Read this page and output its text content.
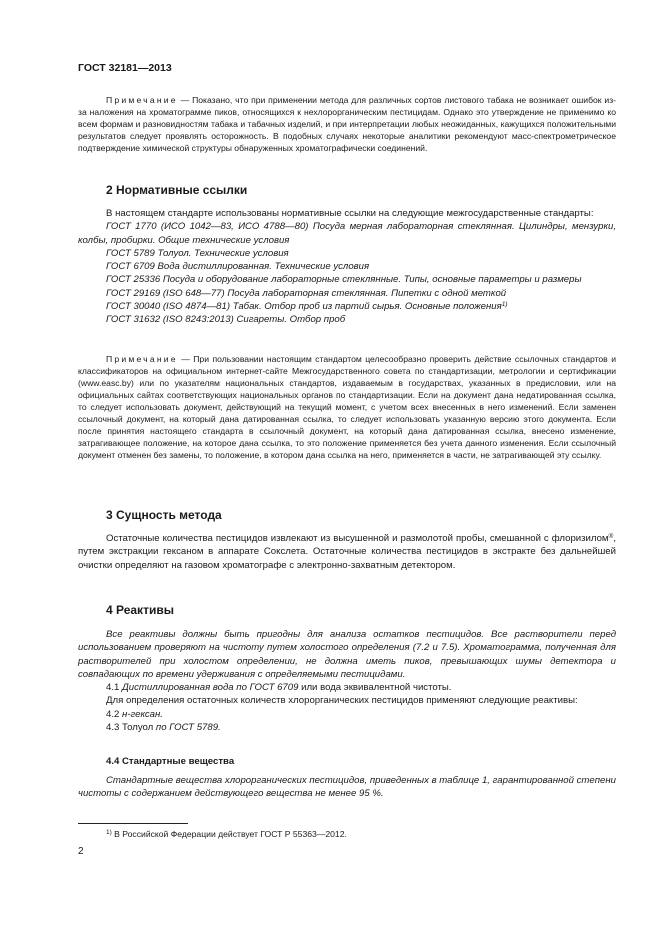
ГОСТ 32181—2013

Примечание — Показано, что при применении метода для различных сортов листового табака не возникает ошибок из-за наложения на хроматограмме пиков, относящихся к нехлорорганическим пестицидам. Однако это утверждение не применимо ко всем формам и разновидностям табака и табачных изделий, и при интерпретации любых неожиданных, кажущихся положительными результатов следует проявлять осторожность. В подобных случаях некоторые аналитики рекомендуют масс-спектрометрическое подтверждение химической структуры обнаруженных хроматографически соединений.

2 Нормативные ссылки

В настоящем стандарте использованы нормативные ссылки на следующие межгосударственные стандарты:

ГОСТ 1770 (ИСО 1042—83, ИСО 4788—80) Посуда мерная лабораторная стеклянная. Цилиндры, мензурки, колбы, пробирки. Общие технические условия

ГОСТ 5789 Толуол. Технические условия

ГОСТ 6709 Вода дистиллированная. Технические условия

ГОСТ 25336 Посуда и оборудование лабораторные стеклянные. Типы, основные параметры и размеры

ГОСТ 29169 (ISO 648—77) Посуда лабораторная стеклянная. Пипетки с одной меткой

ГОСТ 30040 (ISO 4874—81) Табак. Отбор проб из партий сырья. Основные положения$^{1)}$

ГОСТ 31632 (ISO 8243:2013) Сигареты. Отбор проб

Примечание — При пользовании настоящим стандартом целесообразно проверить действие ссылочных стандартов и классификаторов на официальном интернет-сайте Межгосударственного совета по стандартизации, метрологии и сертификации (www.easc.by) или по указателям национальных стандартов, издаваемым в государствах, указанных в предисловии, или на официальных сайтах соответствующих национальных органов по стандартизации. Если на документ дана недатированная ссылка, то следует использовать документ, действующий на текущий момент, с учетом всех внесенных в него изменений. Если заменен ссылочный документ, на который дана датированная ссылка, то следует использовать указанную версию этого документа. Если после принятия настоящего стандарта в ссылочный документ, на который дана датированная ссылка, внесено изменение, затрагивающее положение, на которое дана ссылка, то это положение применяется без учета данного изменения. Если ссылочный документ отменен без замены, то положение, в котором дана ссылка на него, применяется в части, не затрагивающей эту ссылку.

3 Сущность метода

Остаточные количества пестицидов извлекают из высушенной и размолотой пробы, смешанной с флоризилом®, путем экстракции гексаном в аппарате Сокслета. Остаточные количества пестицидов в экстракте без дальнейшей очистки определяют на газовом хроматографе с электронно-захватным детектором.

4 Реактивы

Все реактивы должны быть пригодны для анализа остатков пестицидов. Все растворители перед использованием проверяют на чистоту путем холостого определения (7.2 и 7.5). Хроматограмма, полученная для растворителей при холостом определении, не должна иметь пиков, превышающих шумы детектора и совпадающих по времени удерживания с определяемыми пестицидами.

4.1 Дистиллированная вода по ГОСТ 6709 или вода эквивалентной чистоты.

Для определения остаточных количеств хлорорганических пестицидов применяют следующие реактивы:

4.2 н-гексан.

4.3 Толуол по ГОСТ 5789.

4.4 Стандартные вещества

Стандартные вещества хлорорганических пестицидов, приведенных в таблице 1, гарантированной степени чистоты с содержанием действующего вещества не менее 95 %.

$^{1)}$ В Российской Федерации действует ГОСТ Р 55363—2012.
2
